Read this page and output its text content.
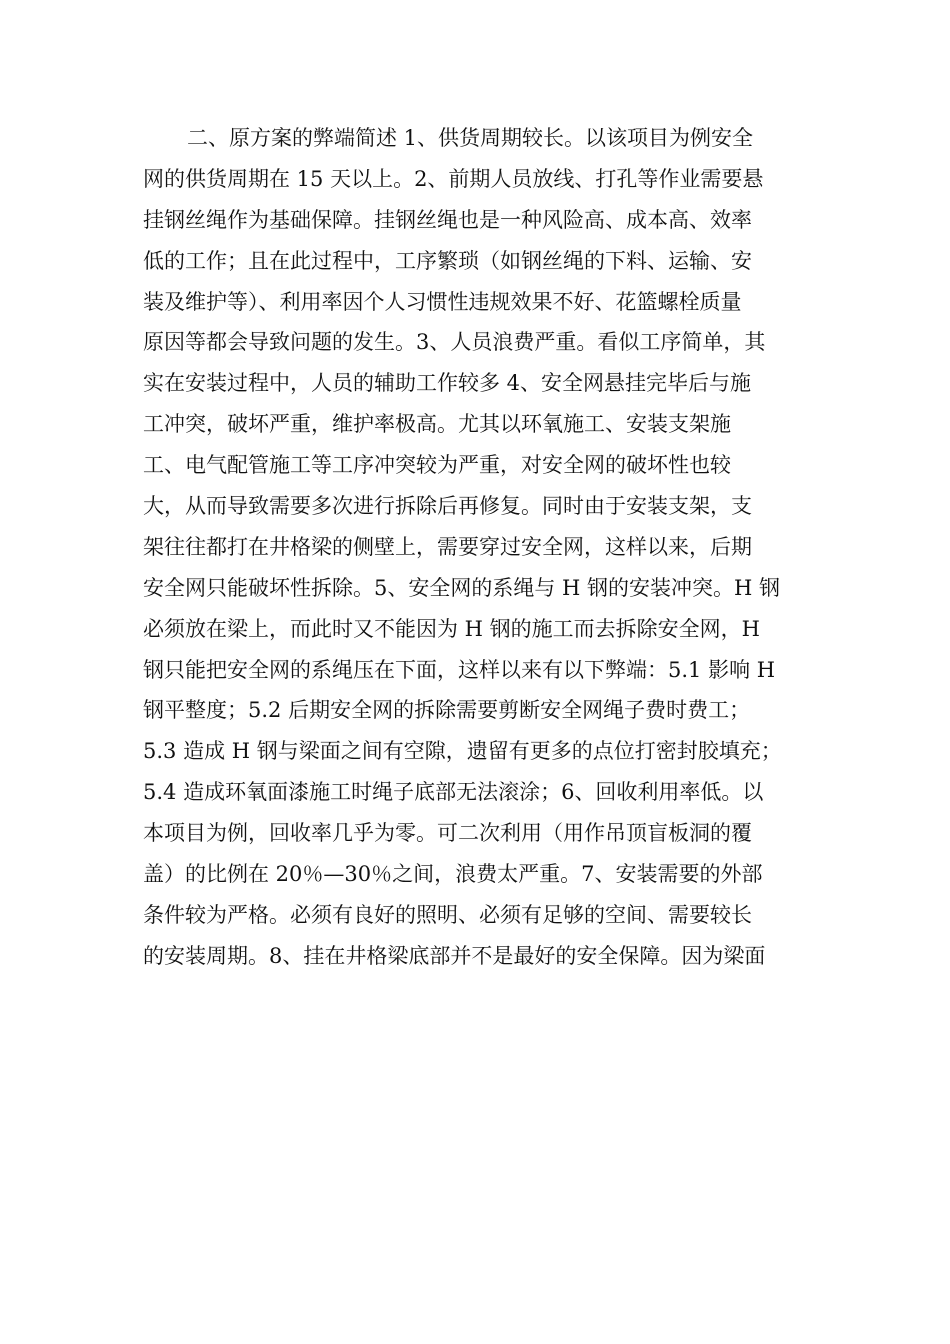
二、原方案的弊端简述 1、供货周期较长。以该项目为例安全
网的供货周期在 15 天以上。2、前期人员放线、打孔等作业需要悬
挂钢丝绳作为基础保障。挂钢丝绳也是一种风险高、成本高、效率
低的工作；且在此过程中，工序繁琐（如钢丝绳的下料、运输、安
装及维护等）、利用率因个人习惯性违规效果不好、花篮螺栓质量
原因等都会导致问题的发生。3、人员浪费严重。看似工序简单，其
实在安装过程中，人员的辅助工作较多 4、安全网悬挂完毕后与施
工冲突，破坏严重，维护率极高。尤其以环氧施工、安装支架施
工、电气配管施工等工序冲突较为严重，对安全网的破坏性也较
大，从而导致需要多次进行拆除后再修复。同时由于安装支架，支
架往往都打在井格梁的侧壁上，需要穿过安全网，这样以来，后期
安全网只能破坏性拆除。5、安全网的系绳与 H 钢的安装冲突。H 钢
必须放在梁上，而此时又不能因为 H 钢的施工而去拆除安全网，H
钢只能把安全网的系绳压在下面，这样以来有以下弊端：5.1 影响 H
钢平整度；5.2 后期安全网的拆除需要剪断安全网绳子费时费工；
5.3 造成 H 钢与梁面之间有空隙，遗留有更多的点位打密封胶填充；
5.4 造成环氧面漆施工时绳子底部无法滚涂；6、回收利用率低。以
本项目为例，回收率几乎为零。可二次利用（用作吊顶盲板洞的覆
盖）的比例在 20％—30％之间，浪费太严重。7、安装需要的外部
条件较为严格。必须有良好的照明、必须有足够的空间、需要较长
的安装周期。8、挂在井格梁底部并不是最好的安全保障。因为梁面
